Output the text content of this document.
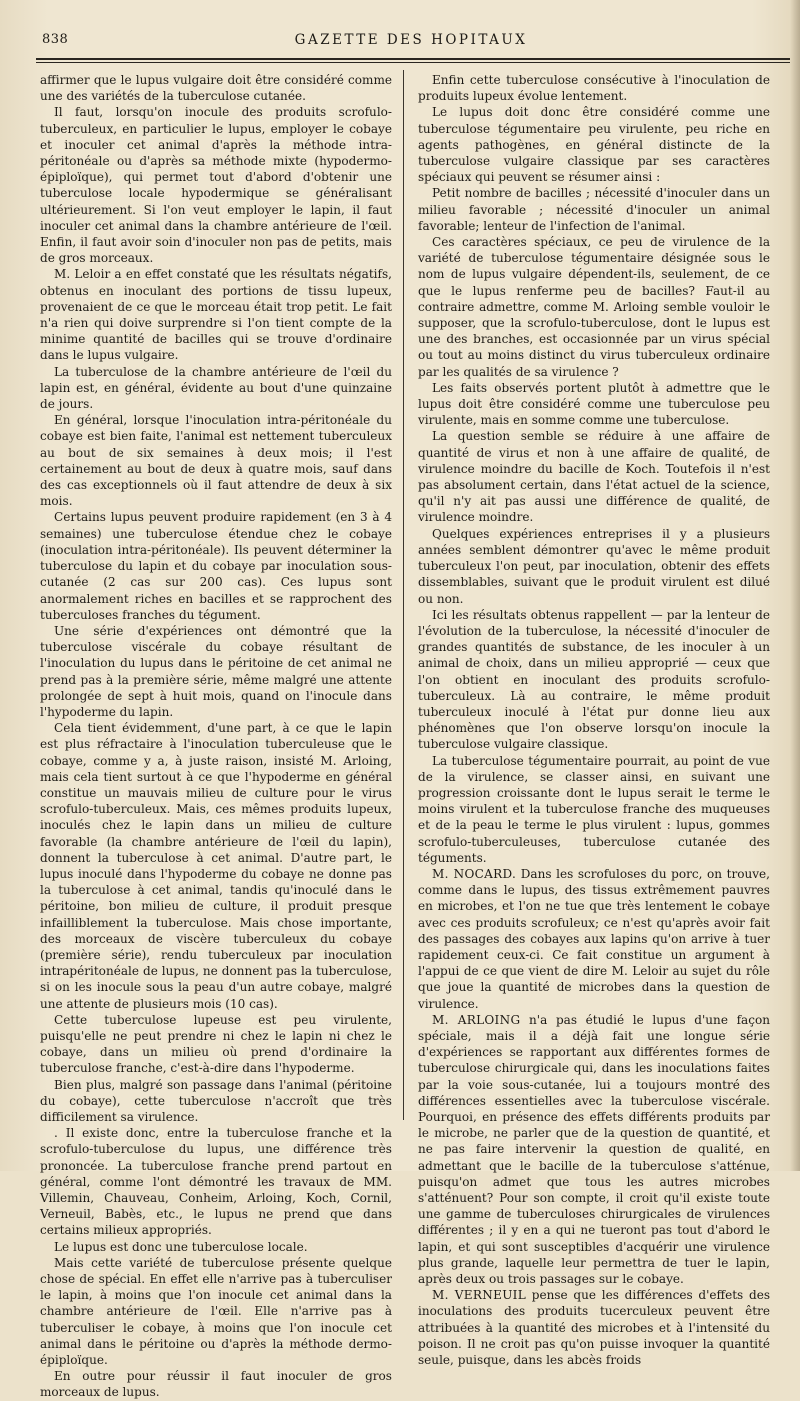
838	GAZETTE DES HOPITAUX

affirmer que le lupus vulgaire doit être considéré comme une des variétés de la tuberculose cutanée.

Il faut, lorsqu'on inocule des produits scrofulo-tuberculeux, en particulier le lupus, employer le cobaye et inoculer cet animal d'après la méthode intra-péritonéale ou d'après sa méthode mixte (hypodermo-épiploïque), qui permet tout d'abord d'obtenir une tuberculose locale hypodermique se généralisant ultérieurement. Si l'on veut employer le lapin, il faut inoculer cet animal dans la chambre antérieure de l'œil. Enfin, il faut avoir soin d'inoculer non pas de petits, mais de gros morceaux.

M. Leloir a en effet constaté que les résultats négatifs, obtenus en inoculant des portions de tissu lupeux, provenaient de ce que le morceau était trop petit. Le fait n'a rien qui doive surprendre si l'on tient compte de la minime quantité de bacilles qui se trouve d'ordinaire dans le lupus vulgaire.

La tuberculose de la chambre antérieure de l'œil du lapin est, en général, évidente au bout d'une quinzaine de jours.

En général, lorsque l'inoculation intra-péritonéale du cobaye est bien faite, l'animal est nettement tuberculeux au bout de six semaines à deux mois; il l'est certainement au bout de deux à quatre mois, sauf dans des cas exceptionnels où il faut attendre de deux à six mois.

Certains lupus peuvent produire rapidement (en 3 à 4 semaines) une tuberculose étendue chez le cobaye (inoculation intra-péritonéale). Ils peuvent déterminer la tuberculose du lapin et du cobaye par inoculation sous-cutanée (2 cas sur 200 cas). Ces lupus sont anormalement riches en bacilles et se rapprochent des tuberculoses franches du tégument.

Une série d'expériences ont démontré que la tuberculose viscérale du cobaye résultant de l'inoculation du lupus dans le péritoine de cet animal ne prend pas à la première série, même malgré une attente prolongée de sept à huit mois, quand on l'inocule dans l'hypoderme du lapin.

Cela tient évidemment, d'une part, à ce que le lapin est plus réfractaire à l'inoculation tuberculeuse que le cobaye, comme y a, à juste raison, insisté M. Arloing, mais cela tient surtout à ce que l'hypoderme en général constitue un mauvais milieu de culture pour le virus scrofulo-tuberculeux. Mais, ces mêmes produits lupeux, inoculés chez le lapin dans un milieu de culture favorable (la chambre antérieure de l'œil du lapin), donnent la tuberculose à cet animal. D'autre part, le lupus inoculé dans l'hypoderme du cobaye ne donne pas la tuberculose à cet animal, tandis qu'inoculé dans le péritoine, bon milieu de culture, il produit presque infailliblement la tuberculose. Mais chose importante, des morceaux de viscère tuberculeux du cobaye (première série), rendu tuberculeux par inoculation intrapéritonéale de lupus, ne donnent pas la tuberculose, si on les inocule sous la peau d'un autre cobaye, malgré une attente de plusieurs mois (10 cas).

Cette tuberculose lupeuse est peu virulente, puisqu'elle ne peut prendre ni chez le lapin ni chez le cobaye, dans un milieu où prend d'ordinaire la tuberculose franche, c'est-à-dire dans l'hypoderme.

Bien plus, malgré son passage dans l'animal (péritoine du cobaye), cette tuberculose n'accroît que très difficilement sa virulence.

. Il existe donc, entre la tuberculose franche et la scrofulo-tuberculose du lupus, une différence très prononcée. La tuberculose franche prend partout en général, comme l'ont démontré les travaux de MM. Villemin, Chauveau, Conheim, Arloing, Koch, Cornil, Verneuil, Babès, etc., le lupus ne prend que dans certains milieux appropriés.

Le lupus est donc une tuberculose locale.

Mais cette variété de tuberculose présente quelque chose de spécial. En effet elle n'arrive pas à tuberculiser le lapin, à moins que l'on inocule cet animal dans la chambre antérieure de l'œil. Elle n'arrive pas à tuberculiser le cobaye, à moins que l'on inocule cet animal dans le péritoine ou d'après la méthode dermo-épiploïque.

En outre pour réussir il faut inoculer de gros morceaux de lupus.

Enfin cette tuberculose consécutive à l'inoculation de produits lupeux évolue lentement.

Le lupus doit donc être considéré comme une tuberculose tégumentaire peu virulente, peu riche en agents pathogènes, en général distincte de la tuberculose vulgaire classique par ses caractères spéciaux qui peuvent se résumer ainsi :

Petit nombre de bacilles ; nécessité d'inoculer dans un milieu favorable ; nécessité d'inoculer un animal favorable; lenteur de l'infection de l'animal.

Ces caractères spéciaux, ce peu de virulence de la variété de tuberculose tégumentaire désignée sous le nom de lupus vulgaire dépendent-ils, seulement, de ce que le lupus renferme peu de bacilles? Faut-il au contraire admettre, comme M. Arloing semble vouloir le supposer, que la scrofulo-tuberculose, dont le lupus est une des branches, est occasionnée par un virus spécial ou tout au moins distinct du virus tuberculeux ordinaire par les qualités de sa virulence ?

Les faits observés portent plutôt à admettre que le lupus doit être considéré comme une tuberculose peu virulente, mais en somme comme une tuberculose.

La question semble se réduire à une affaire de quantité de virus et non à une affaire de qualité, de virulence moindre du bacille de Koch. Toutefois il n'est pas absolument certain, dans l'état actuel de la science, qu'il n'y ait pas aussi une différence de qualité, de virulence moindre.

Quelques expériences entreprises il y a plusieurs années semblent démontrer qu'avec le même produit tuberculeux l'on peut, par inoculation, obtenir des effets dissemblables, suivant que le produit virulent est dilué ou non.

Ici les résultats obtenus rappellent — par la lenteur de l'évolution de la tuberculose, la nécessité d'inoculer de grandes quantités de substance, de les inoculer à un animal de choix, dans un milieu approprié — ceux que l'on obtient en inoculant des produits scrofulo-tuberculeux. Là au contraire, le même produit tuberculeux inoculé à l'état pur donne lieu aux phénomènes que l'on observe lorsqu'on inocule la tuberculose vulgaire classique.

La tuberculose tégumentaire pourrait, au point de vue de la virulence, se classer ainsi, en suivant une progression croissante dont le lupus serait le terme le moins virulent et la tuberculose franche des muqueuses et de la peau le terme le plus virulent : lupus, gommes scrofulo-tuberculeuses, tuberculose cutanée des téguments.

M. NOCARD. Dans les scrofuloses du porc, on trouve, comme dans le lupus, des tissus extrêmement pauvres en microbes, et l'on ne tue que très lentement le cobaye avec ces produits scrofuleux; ce n'est qu'après avoir fait des passages des cobayes aux lapins qu'on arrive à tuer rapidement ceux-ci. Ce fait constitue un argument à l'appui de ce que vient de dire M. Leloir au sujet du rôle que joue la quantité de microbes dans la question de virulence.

M. ARLOING n'a pas étudié le lupus d'une façon spéciale, mais il a déjà fait une longue série d'expériences se rapportant aux différentes formes de tuberculose chirurgicale qui, dans les inoculations faites par la voie sous-cutanée, lui a toujours montré des différences essentielles avec la tuberculose viscérale. Pourquoi, en présence des effets différents produits par le microbe, ne parler que de la question de quantité, et ne pas faire intervenir la question de qualité, en admettant que le bacille de la tuberculose s'atténue, puisqu'on admet que tous les autres microbes s'atténuent? Pour son compte, il croit qu'il existe toute une gamme de tuberculoses chirurgicales de virulences différentes ; il y en a qui ne tueront pas tout d'abord le lapin, et qui sont susceptibles d'acquérir une virulence plus grande, laquelle leur permettra de tuer le lapin, après deux ou trois passages sur le cobaye.

M. VERNEUIL pense que les différences d'effets des inoculations des produits tucerculeux peuvent être attribuées à la quantité des microbes et à l'intensité du poison. Il ne croit pas qu'on puisse invoquer la quantité seule, puisque, dans les abcès froids
